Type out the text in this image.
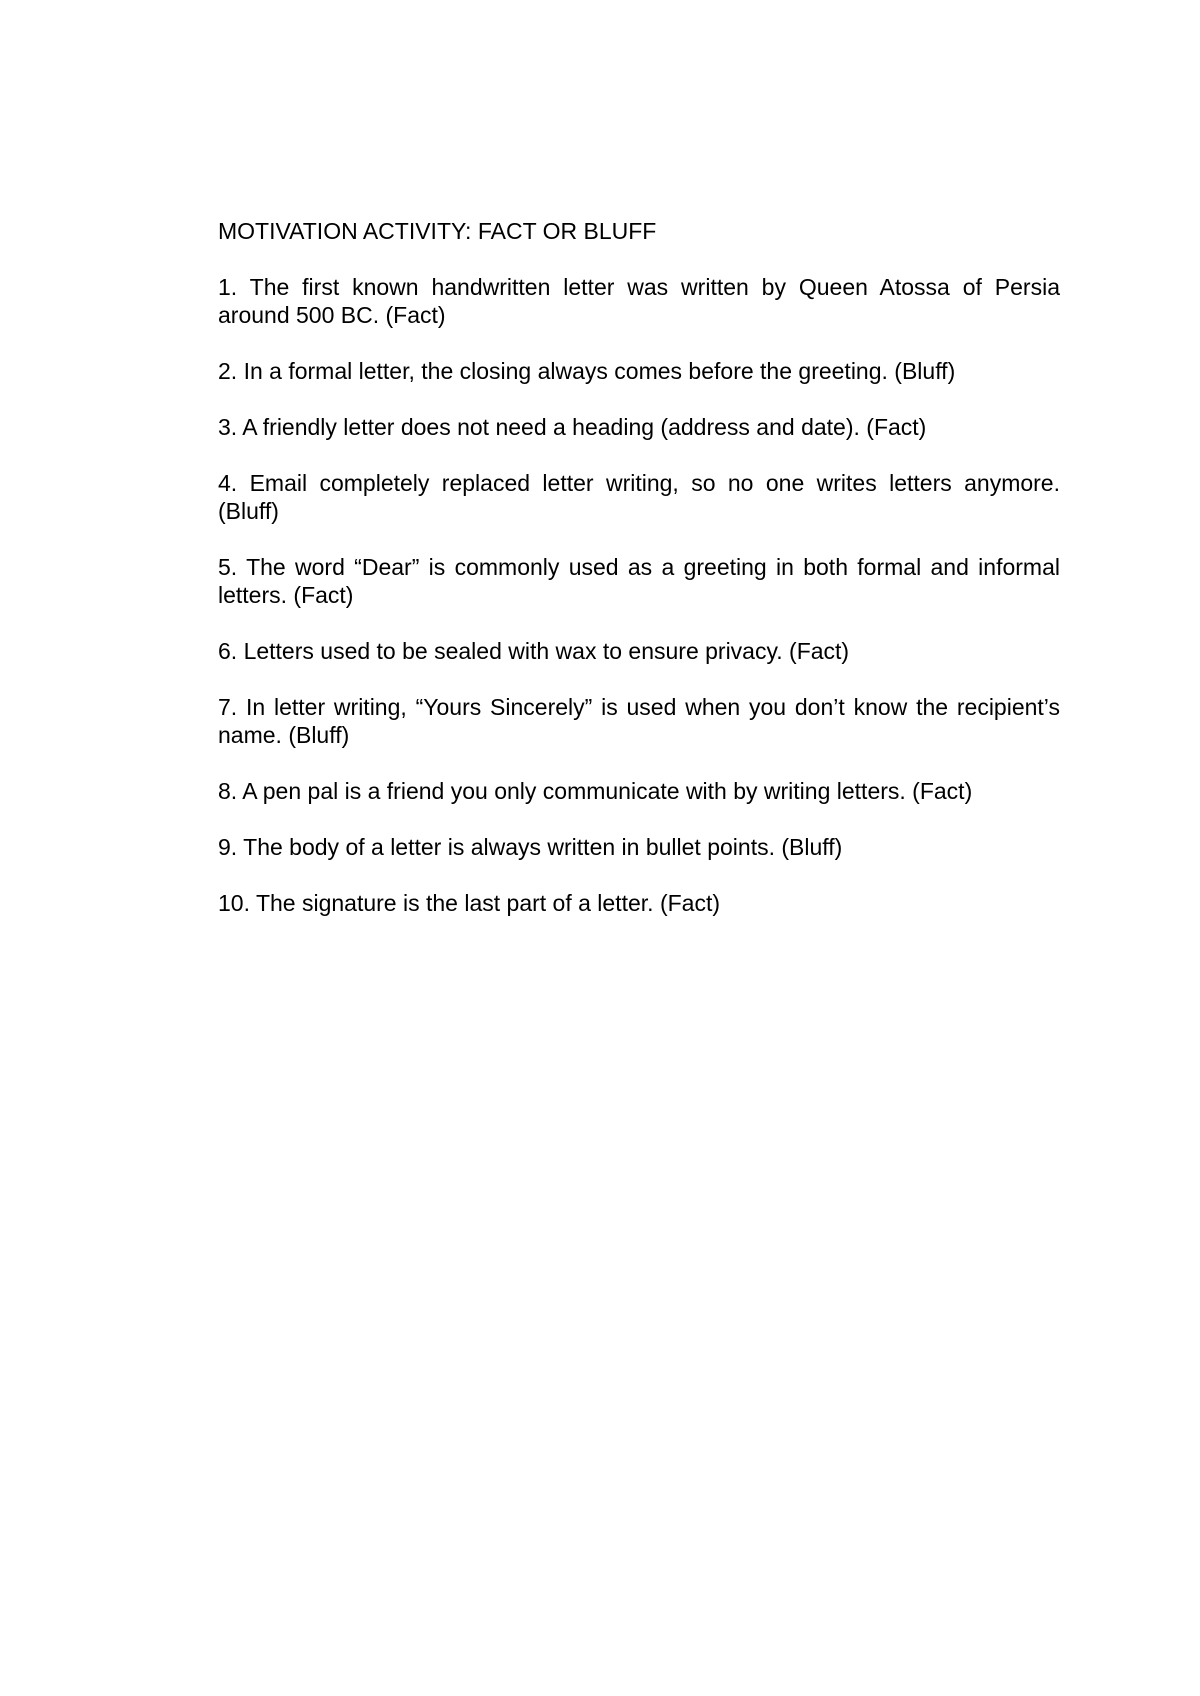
MOTIVATION ACTIVITY: FACT OR BLUFF
1. The first known handwritten letter was written by Queen Atossa of Persia around 500 BC. (Fact)
2. In a formal letter, the closing always comes before the greeting. (Bluff)
3. A friendly letter does not need a heading (address and date). (Fact)
4. Email completely replaced letter writing, so no one writes letters anymore. (Bluff)
5. The word “Dear” is commonly used as a greeting in both formal and informal letters. (Fact)
6. Letters used to be sealed with wax to ensure privacy. (Fact)
7. In letter writing, “Yours Sincerely” is used when you don’t know the recipient’s name. (Bluff)
8. A pen pal is a friend you only communicate with by writing letters. (Fact)
9. The body of a letter is always written in bullet points. (Bluff)
10. The signature is the last part of a letter. (Fact)
